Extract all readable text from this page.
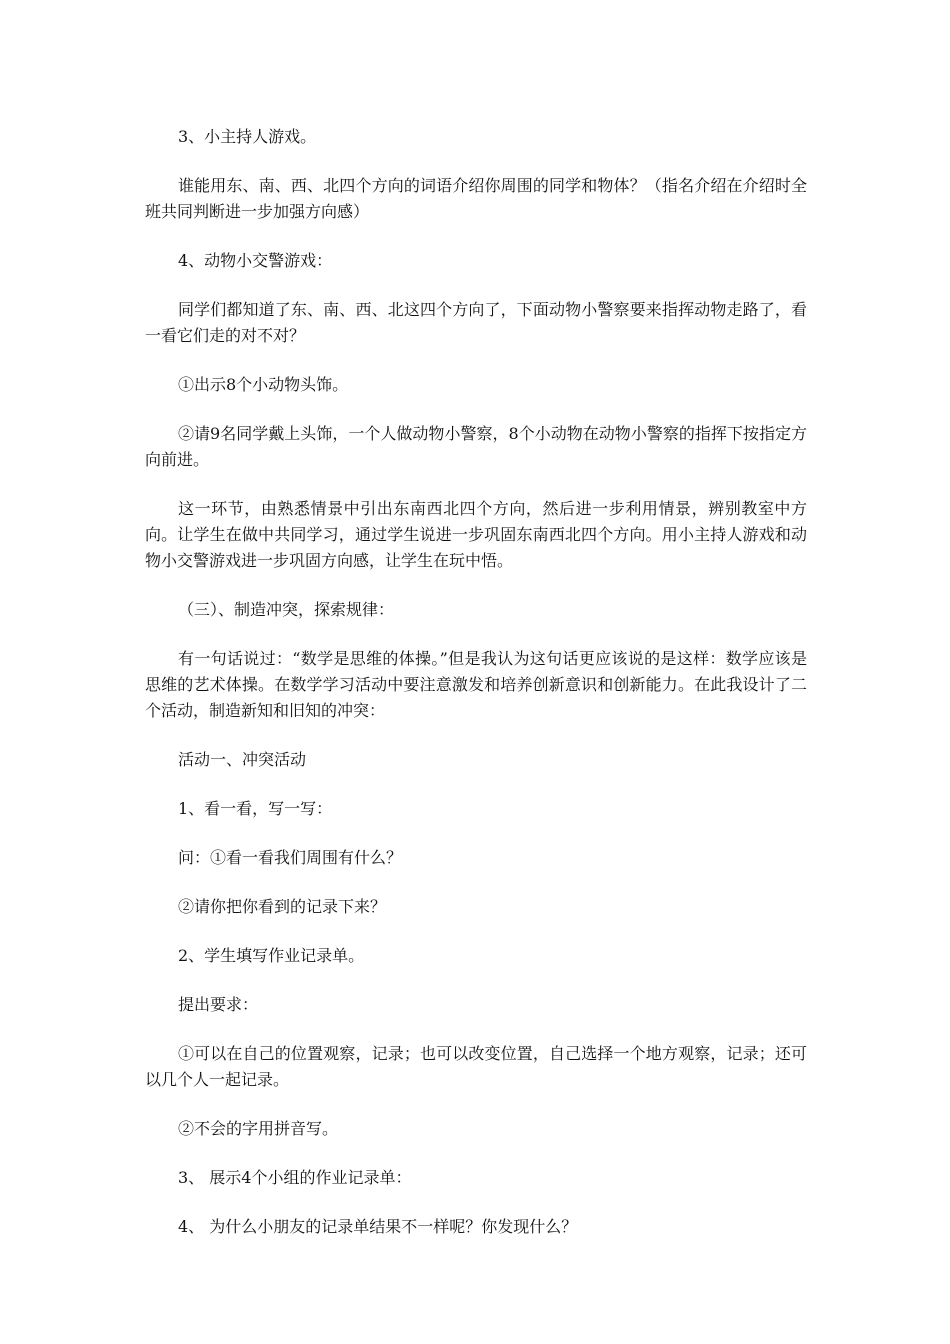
3、小主持人游戏。

谁能用东、南、西、北四个方向的词语介绍你周围的同学和物体？（指名介绍在介绍时全班共同判断进一步加强方向感）

4、动物小交警游戏：

同学们都知道了东、南、西、北这四个方向了，下面动物小警察要来指挥动物走路了，看一看它们走的对不对？

①出示8个小动物头饰。

②请9名同学戴上头饰，一个人做动物小警察，8个小动物在动物小警察的指挥下按指定方向前进。

这一环节，由熟悉情景中引出东南西北四个方向，然后进一步利用情景，辨别教室中方向。让学生在做中共同学习，通过学生说进一步巩固东南西北四个方向。用小主持人游戏和动物小交警游戏进一步巩固方向感，让学生在玩中悟。

（三）、制造冲突，探索规律：

有一句话说过：“数学是思维的体操。”但是我认为这句话更应该说的是这样：数学应该是思维的艺术体操。在数学学习活动中要注意激发和培养创新意识和创新能力。在此我设计了二个活动，制造新知和旧知的冲突：

活动一、冲突活动

1、看一看，写一写：

问：①看一看我们周围有什么？

②请你把你看到的记录下来？

2、学生填写作业记录单。

提出要求：

①可以在自己的位置观察，记录；也可以改变位置，自己选择一个地方观察，记录；还可以几个人一起记录。

②不会的字用拼音写。

3、 展示4个小组的作业记录单：

4、 为什么小朋友的记录单结果不一样呢？你发现什么？
